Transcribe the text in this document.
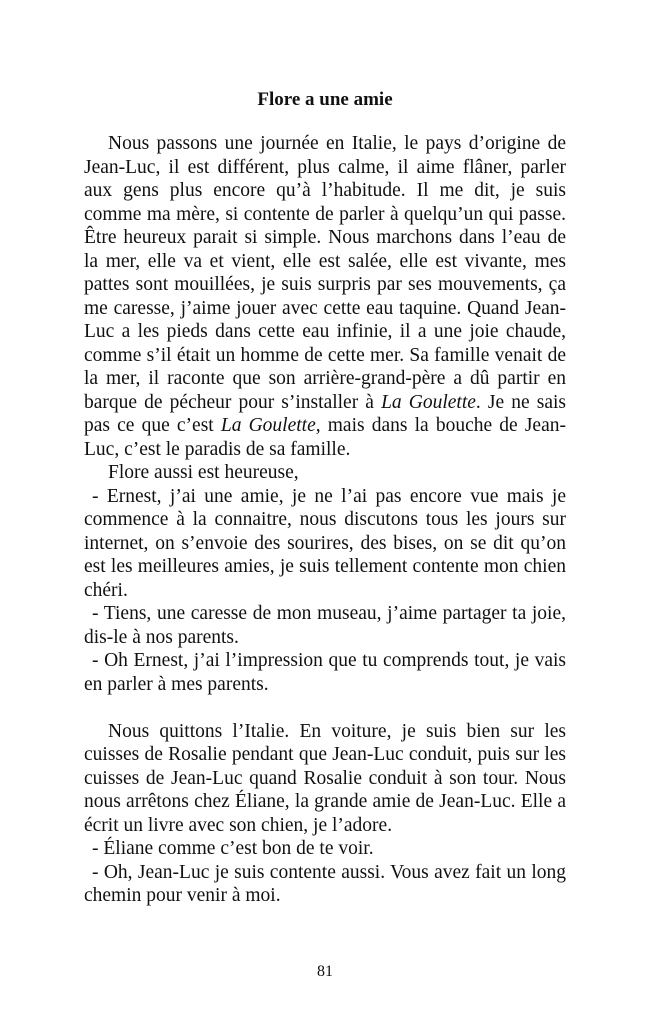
Flore a une amie

Nous passons une journée en Italie, le pays d’origine de Jean-Luc, il est différent, plus calme, il aime flâner, parler aux gens plus encore qu’à l’habitude. Il me dit, je suis comme ma mère, si contente de parler à quelqu’un qui passe. Être heureux parait si simple. Nous marchons dans l’eau de la mer, elle va et vient, elle est salée, elle est vivante, mes pattes sont mouillées, je suis surpris par ses mouvements, ça me caresse, j’aime jouer avec cette eau taquine. Quand Jean-Luc a les pieds dans cette eau infinie, il a une joie chaude, comme s’il était un homme de cette mer. Sa famille venait de la mer, il raconte que son arrière-grand-père a dû partir en barque de pécheur pour s’installer à La Goulette. Je ne sais pas ce que c’est La Goulette, mais dans la bouche de Jean-Luc, c’est le paradis de sa famille.

Flore aussi est heureuse,

- Ernest, j’ai une amie, je ne l’ai pas encore vue mais je commence à la connaitre, nous discutons tous les jours sur internet, on s’envoie des sourires, des bises, on se dit qu’on est les meilleures amies, je suis tellement contente mon chien chéri.

- Tiens, une caresse de mon museau, j’aime partager ta joie, dis-le à nos parents.

- Oh Ernest, j’ai l’impression que tu comprends tout, je vais en parler à mes parents.

Nous quittons l’Italie. En voiture, je suis bien sur les cuisses de Rosalie pendant que Jean-Luc conduit, puis sur les cuisses de Jean-Luc quand Rosalie conduit à son tour. Nous nous arrêtons chez Éliane, la grande amie de Jean-Luc. Elle a écrit un livre avec son chien, je l’adore.

- Éliane comme c’est bon de te voir.

- Oh, Jean-Luc je suis contente aussi. Vous avez fait un long chemin pour venir à moi.

81
